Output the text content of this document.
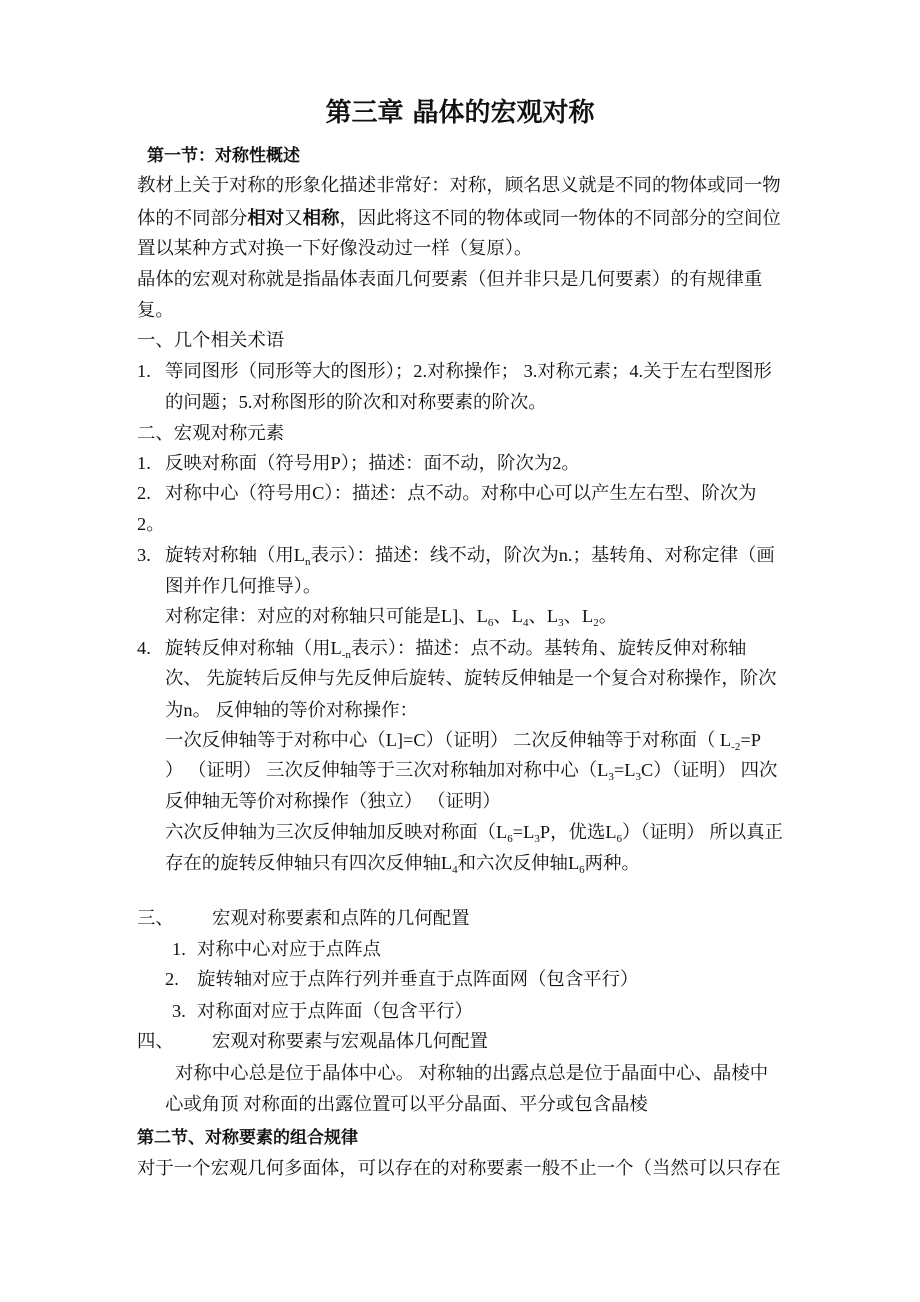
第三章 晶体的宏观对称
第一节：对称性概述
教材上关于对称的形象化描述非常好：对称，顾名思义就是不同的物体或同一物
体的不同部分相对又相称，因此将这不同的物体或同一物体的不同部分的空间位
置以某种方式对换一下好像没动过一样（复原）。
晶体的宏观对称就是指晶体表面几何要素（但并非只是几何要素）的有规律重
复。
一、几个相关术语
1. 等同图形（同形等大的图形）；2.对称操作； 3.对称元素；4.关于左右型图形
的问题；5.对称图形的阶次和对称要素的阶次。
二、宏观对称元素
1. 反映对称面（符号用P）；描述：面不动，阶次为2。
2. 对称中心（符号用C）：描述：点不动。对称中心可以产生左右型、阶次为
2。
3. 旋转对称轴（用$L_n$表示）：描述：线不动，阶次为n.；基转角、对称定律（画
图并作几何推导）。
对称定律：对应的对称轴只可能是L]、$L_6$、$L_4$、$L_3$、$L_2$。
4. 旋转反伸对称轴（用$L_{-n}$表示）：描述：点不动。基转角、旋转反伸对称轴
次、 先旋转后反伸与先反伸后旋转、旋转反伸轴是一个复合对称操作，阶次
为n。 反伸轴的等价对称操作：
一次反伸轴等于对称中心（L]=C）（证明） 二次反伸轴等于对称面（ $L_{-2}=P$
） （证明） 三次反伸轴等于三次对称轴加对称中心$(L_3=L_3C)$（证明） 四次
反伸轴无等价对称操作（独立） （证明）
六次反伸轴为三次反伸轴加反映对称面（$L_6=L_3P$，优选$L_6$）（证明） 所以真正
存在的旋转反伸轴只有四次反伸轴$L_4$和六次反伸轴$L_6$两种。
三、 宏观对称要素和点阵的几何配置
1. 对称中心对应于点阵点
2. 旋转轴对应于点阵行列并垂直于点阵面网（包含平行）
3. 对称面对应于点阵面（包含平行）
四、 宏观对称要素与宏观晶体几何配置
对称中心总是位于晶体中心。 对称轴的出露点总是位于晶面中心、晶棱中
心或角顶 对称面的出露位置可以平分晶面、平分或包含晶棱
第二节、对称要素的组合规律
对于一个宏观几何多面体，可以存在的对称要素一般不止一个（当然可以只存在
